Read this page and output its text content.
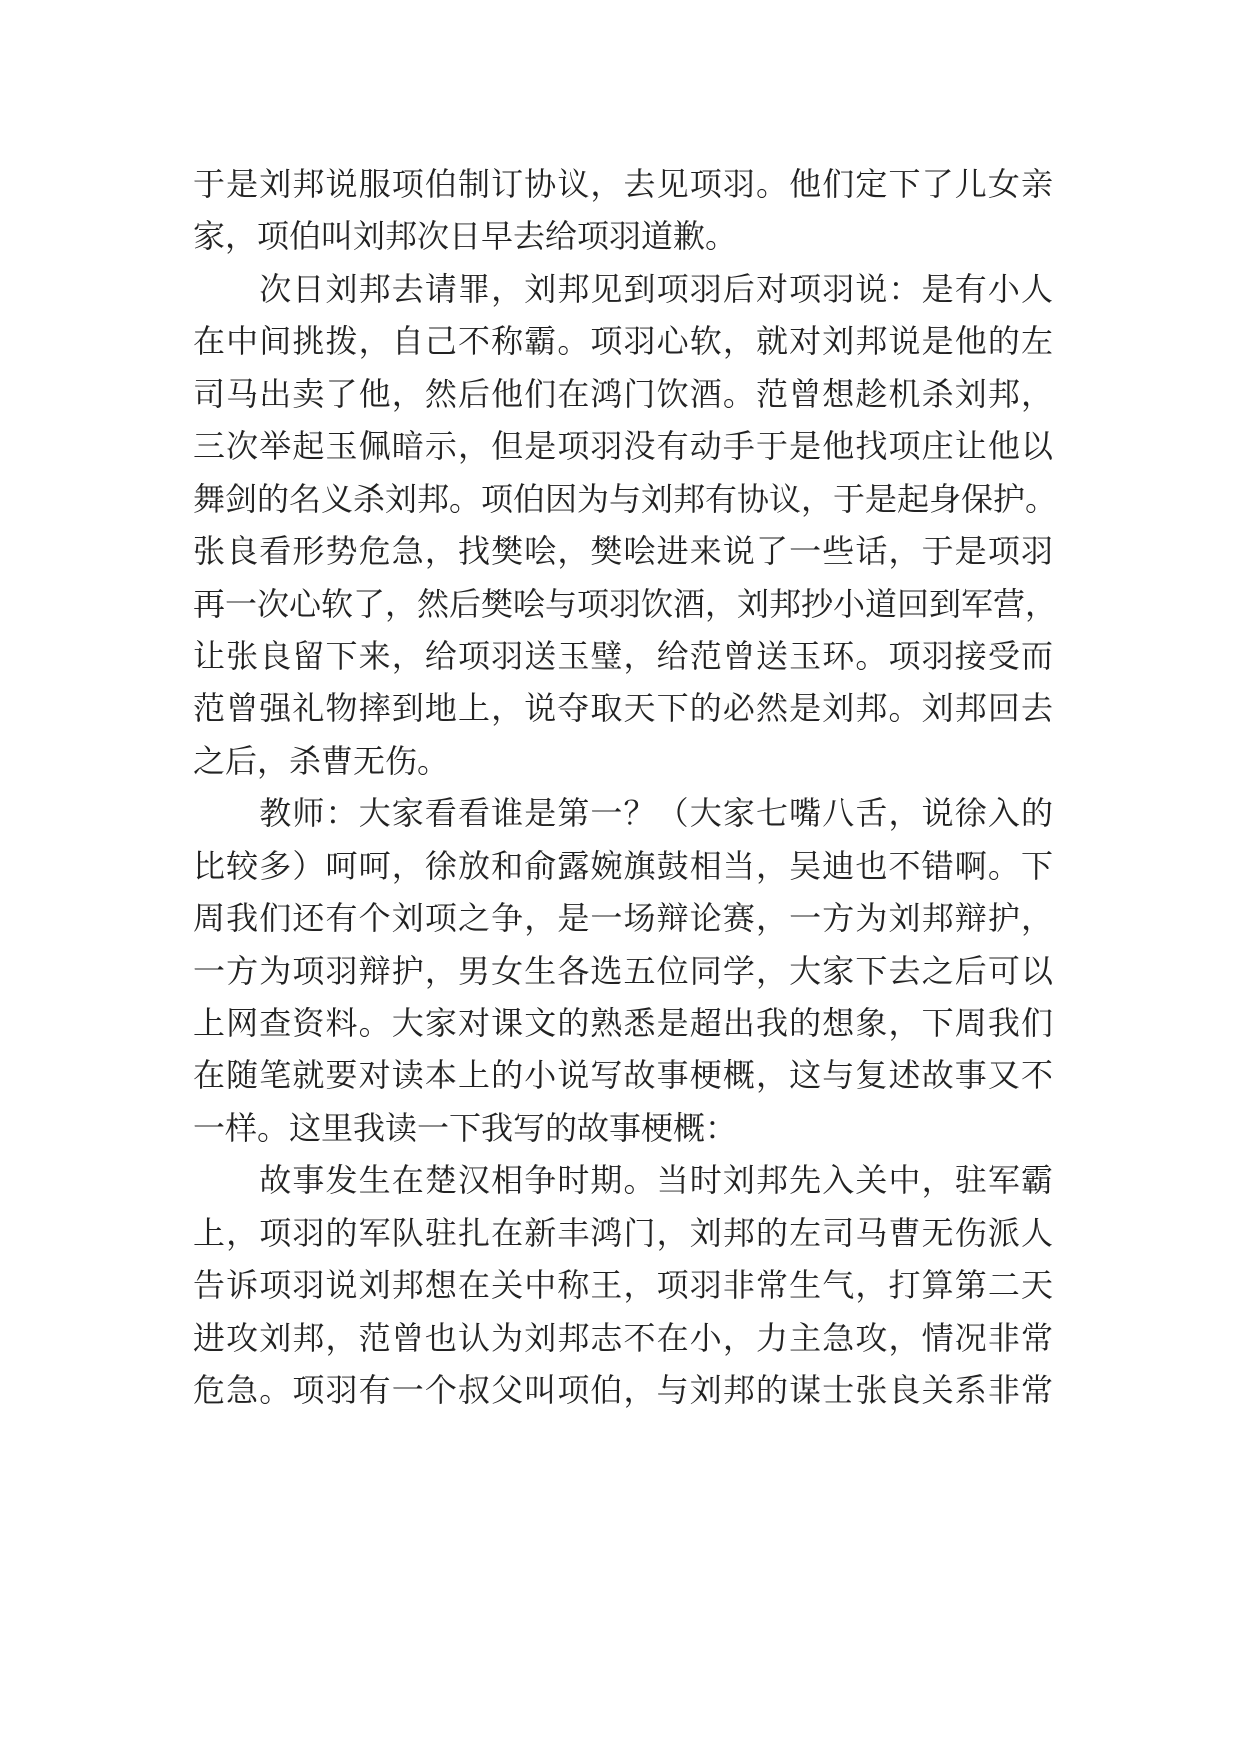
于是刘邦说服项伯制订协议，去见项羽。他们定下了儿女亲
家，项伯叫刘邦次日早去给项羽道歉。
　　次日刘邦去请罪，刘邦见到项羽后对项羽说：是有小人
在中间挑拨，自己不称霸。项羽心软，就对刘邦说是他的左
司马出卖了他，然后他们在鸿门饮酒。范曾想趁机杀刘邦，
三次举起玉佩暗示，但是项羽没有动手于是他找项庄让他以
舞剑的名义杀刘邦。项伯因为与刘邦有协议，于是起身保护。
张良看形势危急，找樊哙，樊哙进来说了一些话，于是项羽
再一次心软了，然后樊哙与项羽饮酒，刘邦抄小道回到军营，
让张良留下来，给项羽送玉璧，给范曾送玉环。项羽接受而
范曾强礼物摔到地上，说夺取天下的必然是刘邦。刘邦回去
之后，杀曹无伤。
　　教师：大家看看谁是第一？（大家七嘴八舌，说徐入的
比较多）呵呵，徐放和俞露婉旗鼓相当，吴迪也不错啊。下
周我们还有个刘项之争，是一场辩论赛，一方为刘邦辩护，
一方为项羽辩护，男女生各选五位同学，大家下去之后可以
上网查资料。大家对课文的熟悉是超出我的想象，下周我们
在随笔就要对读本上的小说写故事梗概，这与复述故事又不
一样。这里我读一下我写的故事梗概：
　　故事发生在楚汉相争时期。当时刘邦先入关中，驻军霸
上，项羽的军队驻扎在新丰鸿门，刘邦的左司马曹无伤派人
告诉项羽说刘邦想在关中称王，项羽非常生气，打算第二天
进攻刘邦，范曾也认为刘邦志不在小，力主急攻，情况非常
危急。项羽有一个叔父叫项伯，与刘邦的谋士张良关系非常
